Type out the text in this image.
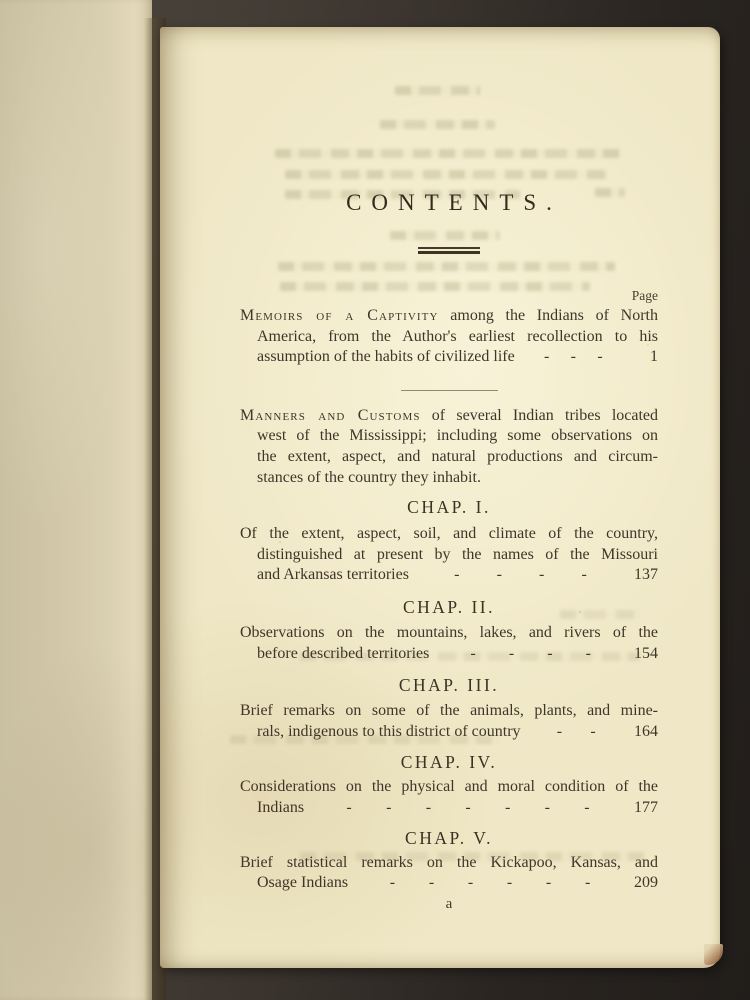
CONTENTS.
Page
Memoirs of a Captivity among the Indians of North
America, from the Author's earliest recollection to his
assumption of the habits of civilized life - - -	1
Manners and Customs of several Indian tribes located
west of the Mississippi; including some observations on
the extent, aspect, and natural productions and circum-
stances of the country they inhabit.
CHAP. I.
Of the extent, aspect, soil, and climate of the country,
distinguished at present by the names of the Missouri
and Arkansas territories	- - - -	137
CHAP. II.
Observations on the mountains, lakes, and rivers of the
before described territories	- - - -	154
CHAP. III.
Brief remarks on some of the animals, plants, and mine-
rals, indigenous to this district of country - - 164
CHAP. IV.
Considerations on the physical and moral condition of the
Indians	- - - - - - -	177
CHAP. V.
Brief statistical remarks on the Kickapoo, Kansas, and
Osage Indians	- - - - - -	209
a
